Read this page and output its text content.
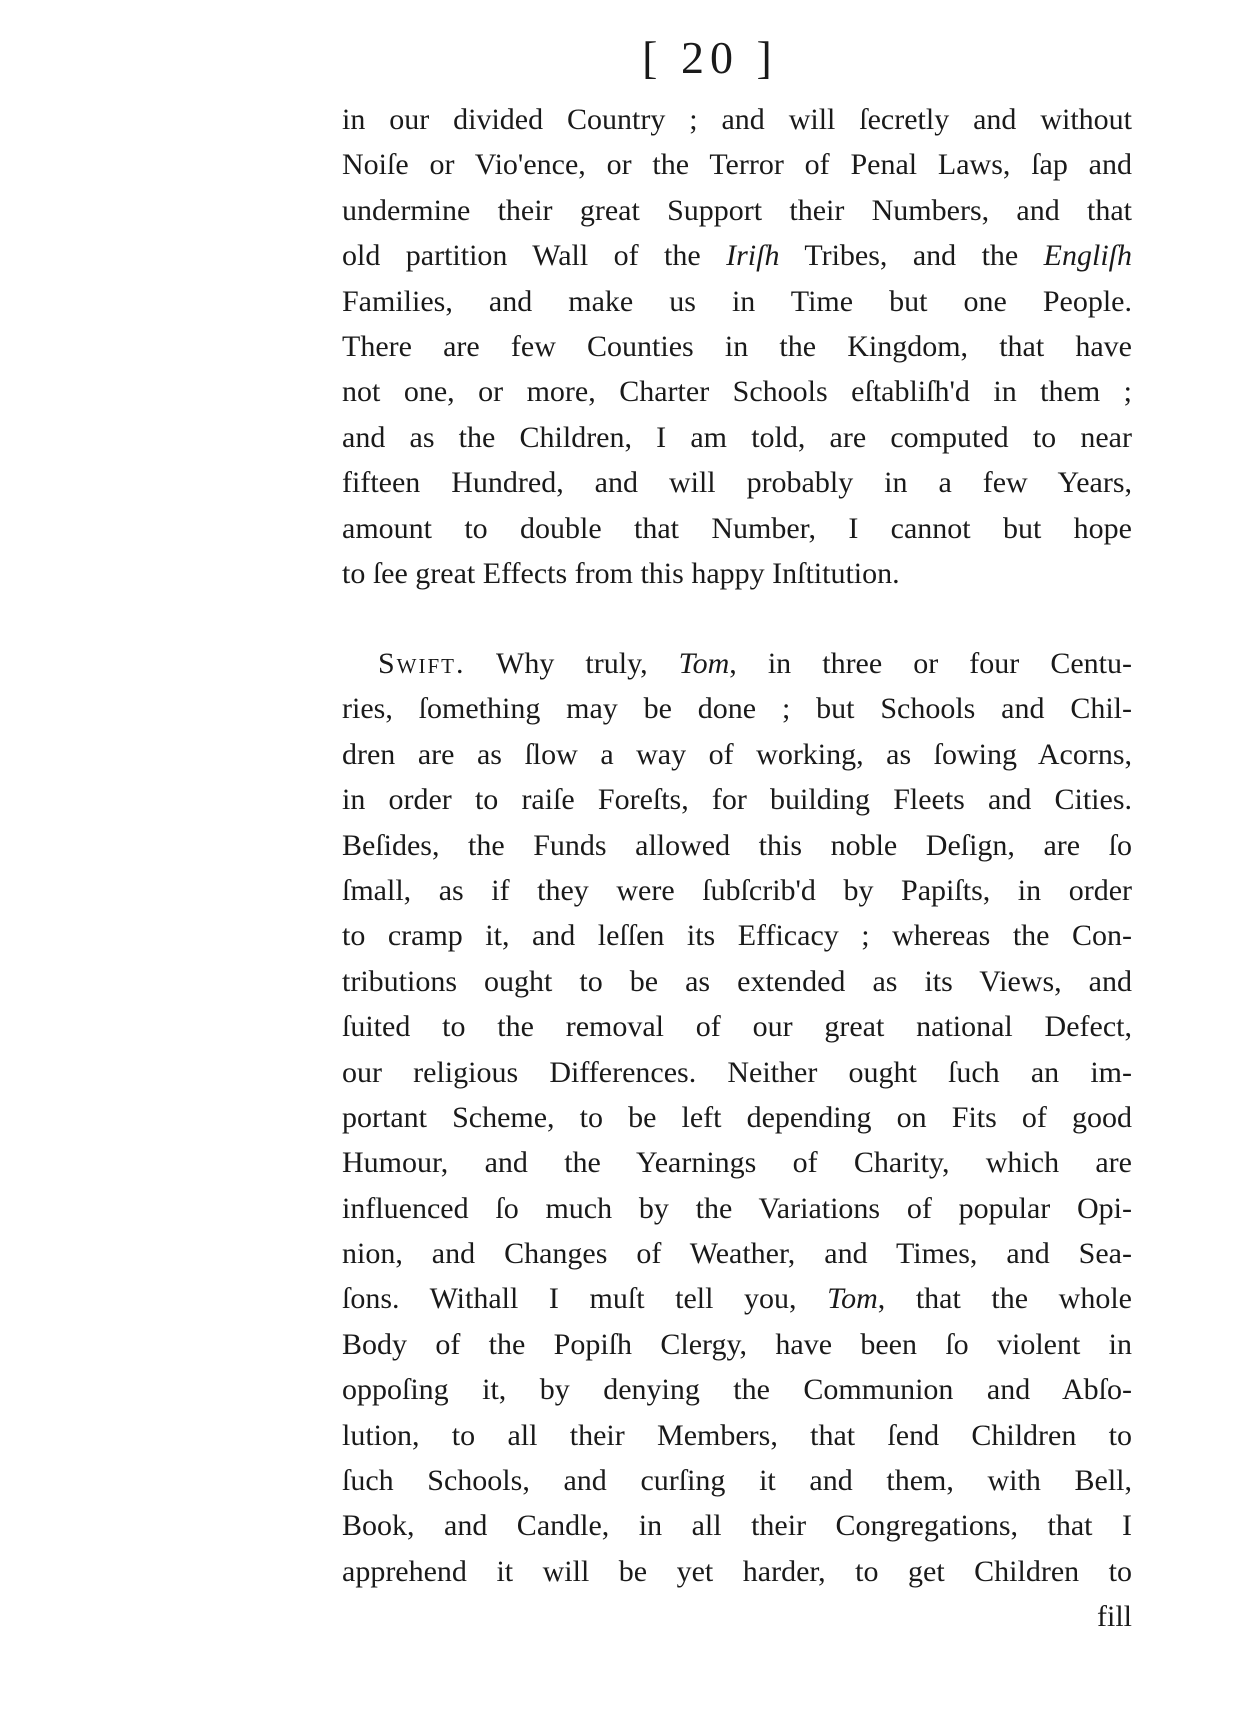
[ 20 ]
in our divided Country ; and will ſecretly and without
Noiſe or Vio'ence, or the Terror of Penal Laws, ſap and
undermine their great Support their Numbers, and that
old partition Wall of the Iriſh Tribes, and the Engliſh
Families, and make us in Time but one People.
There are few Counties in the Kingdom, that have
not one, or more, Charter Schools eſtabliſh'd in them ;
and as the Children, I am told, are computed to near
fifteen Hundred, and will probably in a few Years,
amount to double that Number, I cannot but hope
to ſee great Effects from this happy Inſtitution.
Swift. Why truly, Tom, in three or four Centu-
ries, ſomething may be done ; but Schools and Chil-
dren are as ſlow a way of working, as ſowing Acorns,
in order to raiſe Foreſts, for building Fleets and Cities.
Beſides, the Funds allowed this noble Deſign, are ſo
ſmall, as if they were ſubſcrib'd by Papiſts, in order
to cramp it, and leſſen its Efficacy ; whereas the Con-
tributions ought to be as extended as its Views, and
ſuited to the removal of our great national Defect,
our religious Differences. Neither ought ſuch an im-
portant Scheme, to be left depending on Fits of good
Humour, and the Yearnings of Charity, which are
influenced ſo much by the Variations of popular Opi-
nion, and Changes of Weather, and Times, and Sea-
ſons. Withall I muſt tell you, Tom, that the whole
Body of the Popiſh Clergy, have been ſo violent in
oppoſing it, by denying the Communion and Abſo-
lution, to all their Members, that ſend Children to
ſuch Schools, and curſing it and them, with Bell,
Book, and Candle, in all their Congregations, that I
apprehend it will be yet harder, to get Children to
fill
